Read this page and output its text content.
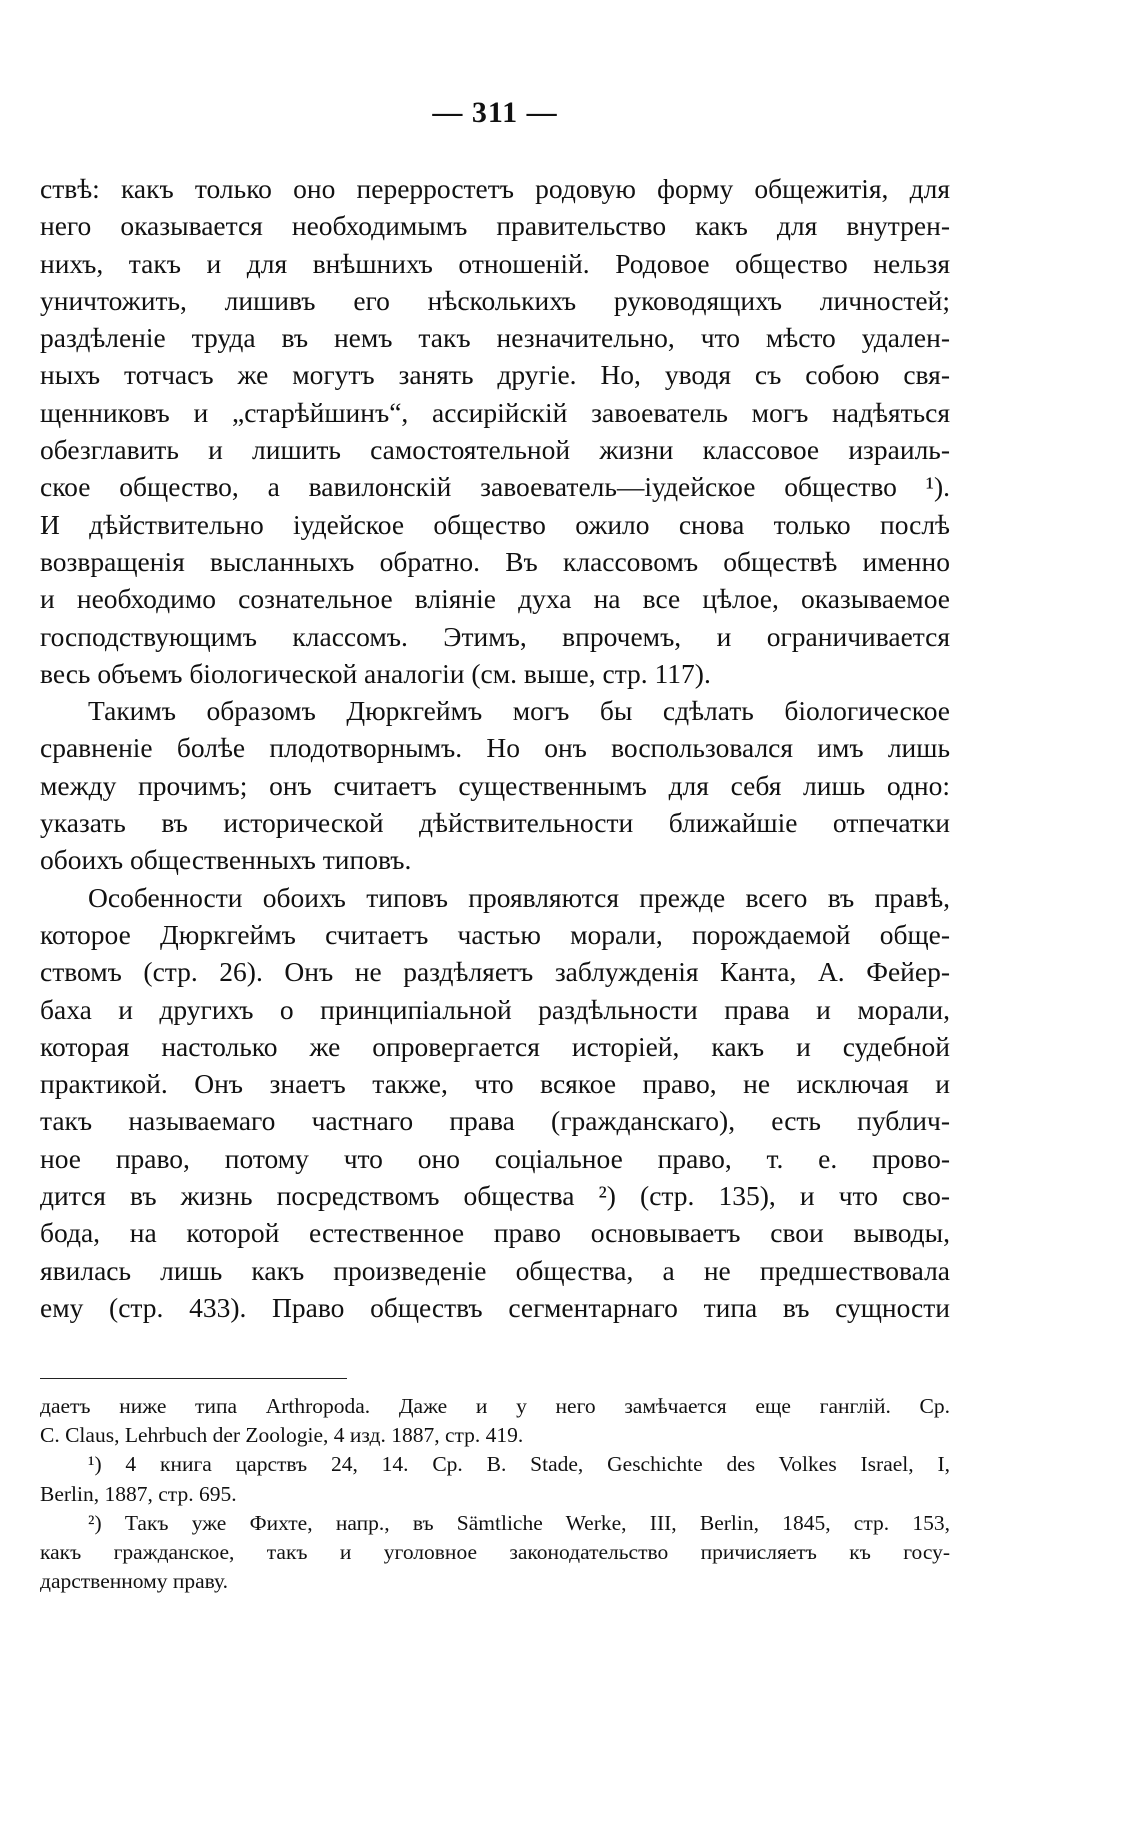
— 311 —
ствѣ: какъ только оно перерростетъ родовую форму общежитія, для
него оказывается необходимымъ правительство какъ для внутрен-
нихъ, такъ и для внѣшнихъ отношеній. Родовое общество нельзя
уничтожить, лишивъ его нѣсколькихъ руководящихъ личностей;
раздѣленіе труда въ немъ такъ незначительно, что мѣсто удален-
ныхъ тотчасъ же могутъ занять другіе. Но, уводя съ собою свя-
щенниковъ и „старѣйшинъ“, ассирійскій завоеватель могъ надѣяться
обезглавить и лишить самостоятельной жизни классовое израиль-
ское общество, а вавилонскій завоеватель—іудейское общество ¹).
И дѣйствительно іудейское общество ожило снова только послѣ
возвращенія высланныхъ обратно. Въ классовомъ обществѣ именно
и необходимо сознательное вліяніе духа на все цѣлое, оказываемое
господствующимъ классомъ. Этимъ, впрочемъ, и ограничивается
весь объемъ біологической аналогіи (см. выше, стр. 117).
Такимъ образомъ Дюркгеймъ могъ бы сдѣлать біологическое
сравненіе болѣе плодотворнымъ. Но онъ воспользовался имъ лишь
между прочимъ; онъ считаетъ существеннымъ для себя лишь одно:
указать въ исторической дѣйствительности ближайшіе отпечатки
обоихъ общественныхъ типовъ.
Особенности обоихъ типовъ проявляются прежде всего въ правѣ,
которое Дюркгеймъ считаетъ частью морали, порождаемой обще-
ствомъ (стр. 26). Онъ не раздѣляетъ заблужденія Канта, А. Фейер-
баха и другихъ о принципіальной раздѣльности права и морали,
которая настолько же опровергается исторіей, какъ и судебной
практикой. Онъ знаетъ также, что всякое право, не исключая и
такъ называемаго частнаго права (гражданскаго), есть публич-
ное право, потому что оно соціальное право, т. е. прово-
дится въ жизнь посредствомъ общества ²) (стр. 135), и что сво-
бода, на которой естественное право основываетъ свои выводы,
явилась лишь какъ произведеніе общества, а не предшествовала
ему (стр. 433). Право обществъ сегментарнаго типа въ сущности
даетъ ниже типа Arthropoda. Даже и у него замѣчается еще ганглій. Ср.
C. Claus, Lehrbuch der Zoologie, 4 изд. 1887, стр. 419.
¹) 4 книга царствъ 24, 14. Ср. B. Stade, Geschichte des Volkes Israel, I,
Berlin, 1887, стр. 695.
²) Такъ уже Фихте, напр., въ Sämtliche Werke, III, Berlin, 1845, стр. 153,
какъ гражданское, такъ и уголовное законодательство причисляетъ къ госу-
дарственному праву.
